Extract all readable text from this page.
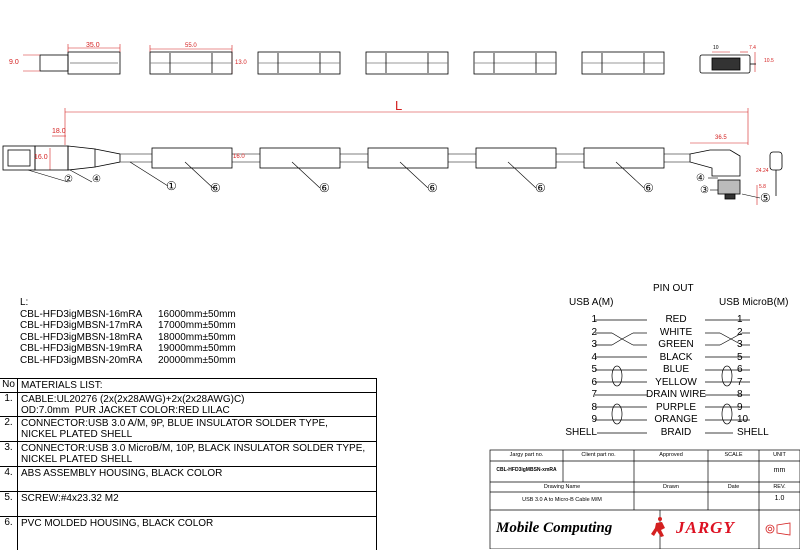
35.0
9.0
55.0
13.0
10	7.4
10.5
L
18.0
16.0	16.0
36.5
24.24
5.8
①
② ④
⑥	⑥	⑥	⑥	⑥
④
③
⑤
L:
CBL-HFD3igMBSN-16mRA	16000mm±50mm
CBL-HFD3igMBSN-17mRA	17000mm±50mm
CBL-HFD3igMBSN-18mRA	18000mm±50mm
CBL-HFD3igMBSN-19mRA	19000mm±50mm
CBL-HFD3igMBSN-20mRA	20000mm±50mm
No MATERIALS LIST:
1. CABLE:UL20276 (2x(2x28AWG)+2x(2x28AWG)C)
OD:7.0mm  PUR JACKET COLOR:RED LILAC
2. CONNECTOR:USB 3.0 A/M, 9P, BLUE INSULATOR SOLDER TYPE,
NICKEL PLATED SHELL
3. CONNECTOR:USB 3.0 MicroB/M, 10P, BLACK INSULATOR SOLDER TYPE,
NICKEL PLATED SHELL
4. ABS ASSEMBLY HOUSING, BLACK COLOR
5. SCREW:#4x23.32 M2
6. PVC MOLDED HOUSING, BLACK COLOR
PIN OUT
USB A(M)	USB MicroB(M)
1	RED	1
2	WHITE	2
3	GREEN	3
4	BLACK	5
5	BLUE	6
6	YELLOW	7
7	DRAIN WIRE	8
8	PURPLE	9
9	ORANGE	10
SHELL	BRAID	SHELL
Jargy part no.	Client part no.	Approved	SCALE	UNIT
CBL-HFD3igMBSN-xmRA	mm
Drawing Name	Drawn	Date	REV.
USB 3.0 A to Micro-B Cable M/M	1.0
Mobile Computing	JARGY
